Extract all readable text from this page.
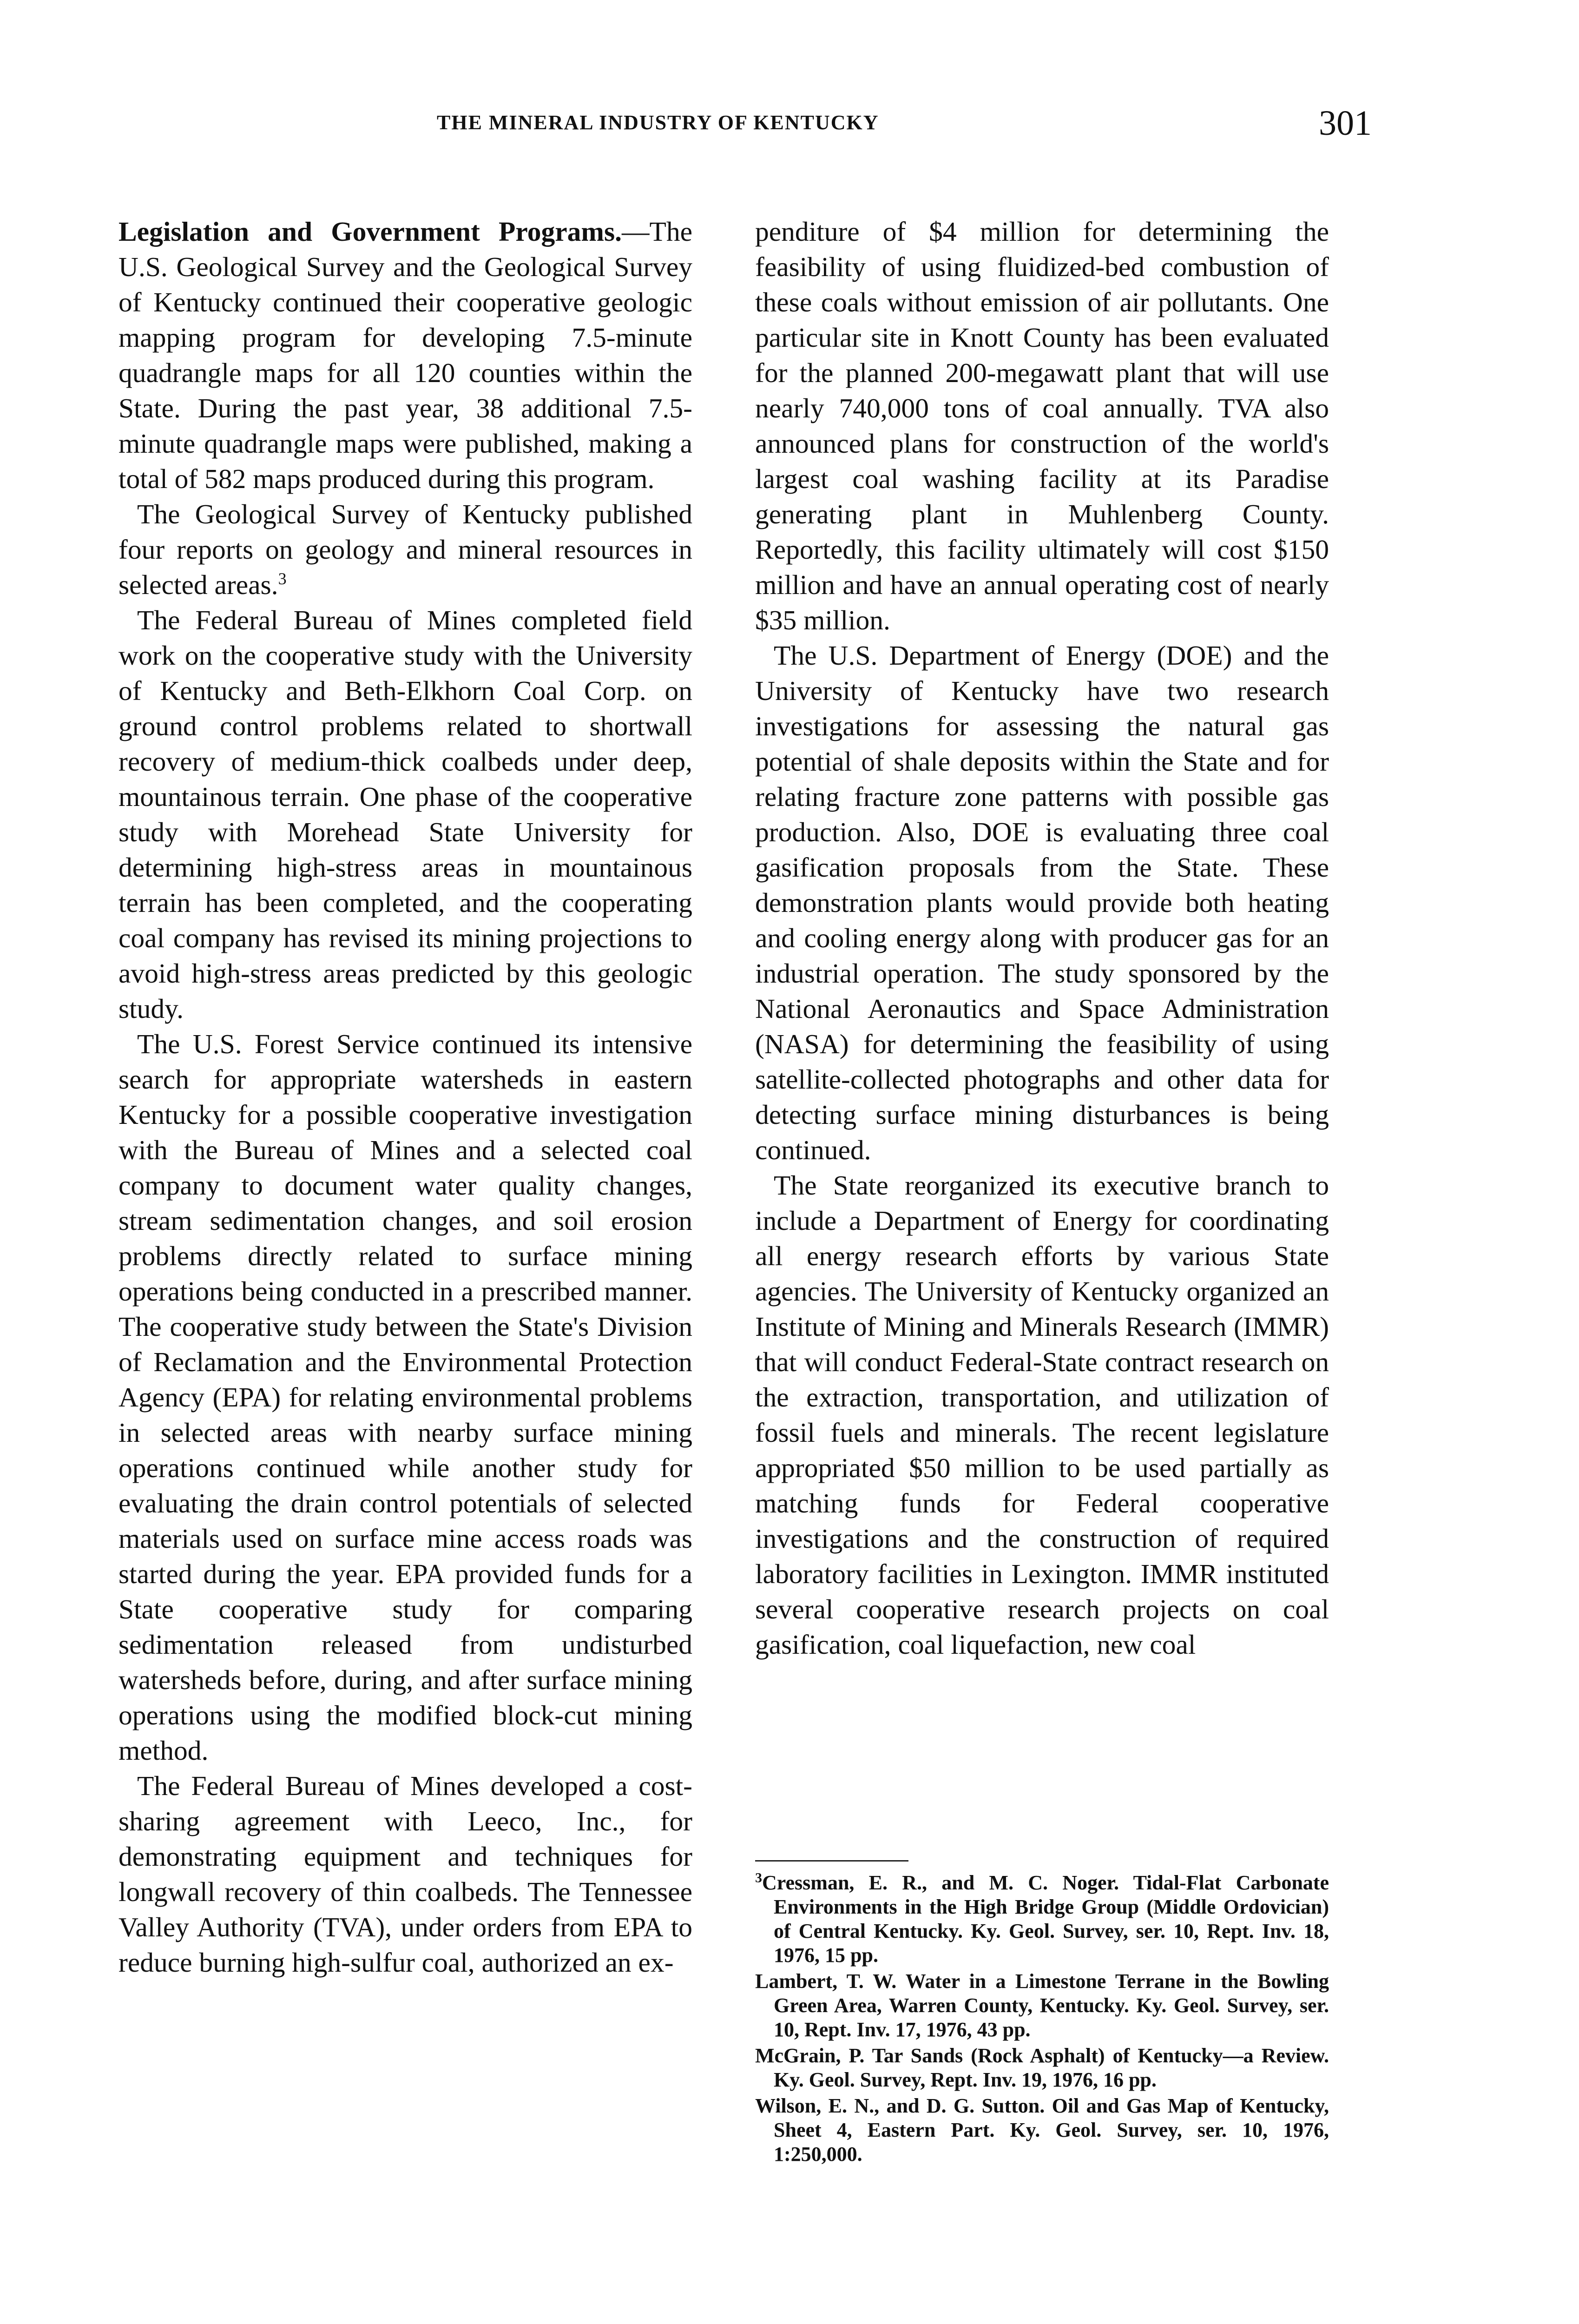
THE MINERAL INDUSTRY OF KENTUCKY	301

Legislation and Government Programs.—The U.S. Geological Survey and the Geological Survey of Kentucky continued their cooperative geologic mapping program for developing 7.5-minute quadrangle maps for all 120 counties within the State. During the past year, 38 additional 7.5-minute quadrangle maps were published, making a total of 582 maps produced during this program.

The Geological Survey of Kentucky published four reports on geology and mineral resources in selected areas.$^3$

The Federal Bureau of Mines completed field work on the cooperative study with the University of Kentucky and Beth-Elkhorn Coal Corp. on ground control problems related to shortwall recovery of medium-thick coalbeds under deep, mountainous terrain. One phase of the cooperative study with Morehead State University for determining high-stress areas in mountainous terrain has been completed, and the cooperating coal company has revised its mining projections to avoid high-stress areas predicted by this geologic study.

The U.S. Forest Service continued its intensive search for appropriate watersheds in eastern Kentucky for a possible cooperative investigation with the Bureau of Mines and a selected coal company to document water quality changes, stream sedimentation changes, and soil erosion problems directly related to surface mining operations being conducted in a prescribed manner. The cooperative study between the State's Division of Reclamation and the Environmental Protection Agency (EPA) for relating environmental problems in selected areas with nearby surface mining operations continued while another study for evaluating the drain control potentials of selected materials used on surface mine access roads was started during the year. EPA provided funds for a State cooperative study for comparing sedimentation released from undisturbed watersheds before, during, and after surface mining operations using the modified block-cut mining method.

The Federal Bureau of Mines developed a cost-sharing agreement with Leeco, Inc., for demonstrating equipment and techniques for longwall recovery of thin coalbeds. The Tennessee Valley Authority (TVA), under orders from EPA to reduce burning high-sulfur coal, authorized an ex-

penditure of $4 million for determining the feasibility of using fluidized-bed combustion of these coals without emission of air pollutants. One particular site in Knott County has been evaluated for the planned 200-megawatt plant that will use nearly 740,000 tons of coal annually. TVA also announced plans for construction of the world's largest coal washing facility at its Paradise generating plant in Muhlenberg County. Reportedly, this facility ultimately will cost $150 million and have an annual operating cost of nearly $35 million.

The U.S. Department of Energy (DOE) and the University of Kentucky have two research investigations for assessing the natural gas potential of shale deposits within the State and for relating fracture zone patterns with possible gas production. Also, DOE is evaluating three coal gasification proposals from the State. These demonstration plants would provide both heating and cooling energy along with producer gas for an industrial operation. The study sponsored by the National Aeronautics and Space Administration (NASA) for determining the feasibility of using satellite-collected photographs and other data for detecting surface mining disturbances is being continued.

The State reorganized its executive branch to include a Department of Energy for coordinating all energy research efforts by various State agencies. The University of Kentucky organized an Institute of Mining and Minerals Research (IMMR) that will conduct Federal-State contract research on the extraction, transportation, and utilization of fossil fuels and minerals. The recent legislature appropriated $50 million to be used partially as matching funds for Federal cooperative investigations and the construction of required laboratory facilities in Lexington. IMMR instituted several cooperative research projects on coal gasification, coal liquefaction, new coal

$^3$Cressman, E. R., and M. C. Noger. Tidal-Flat Carbonate Environments in the High Bridge Group (Middle Ordovician) of Central Kentucky. Ky. Geol. Survey, ser. 10, Rept. Inv. 18, 1976, 15 pp.

Lambert, T. W. Water in a Limestone Terrane in the Bowling Green Area, Warren County, Kentucky. Ky. Geol. Survey, ser. 10, Rept. Inv. 17, 1976, 43 pp.

McGrain, P. Tar Sands (Rock Asphalt) of Kentucky—a Review. Ky. Geol. Survey, Rept. Inv. 19, 1976, 16 pp.

Wilson, E. N., and D. G. Sutton. Oil and Gas Map of Kentucky, Sheet 4, Eastern Part. Ky. Geol. Survey, ser. 10, 1976, 1:250,000.
